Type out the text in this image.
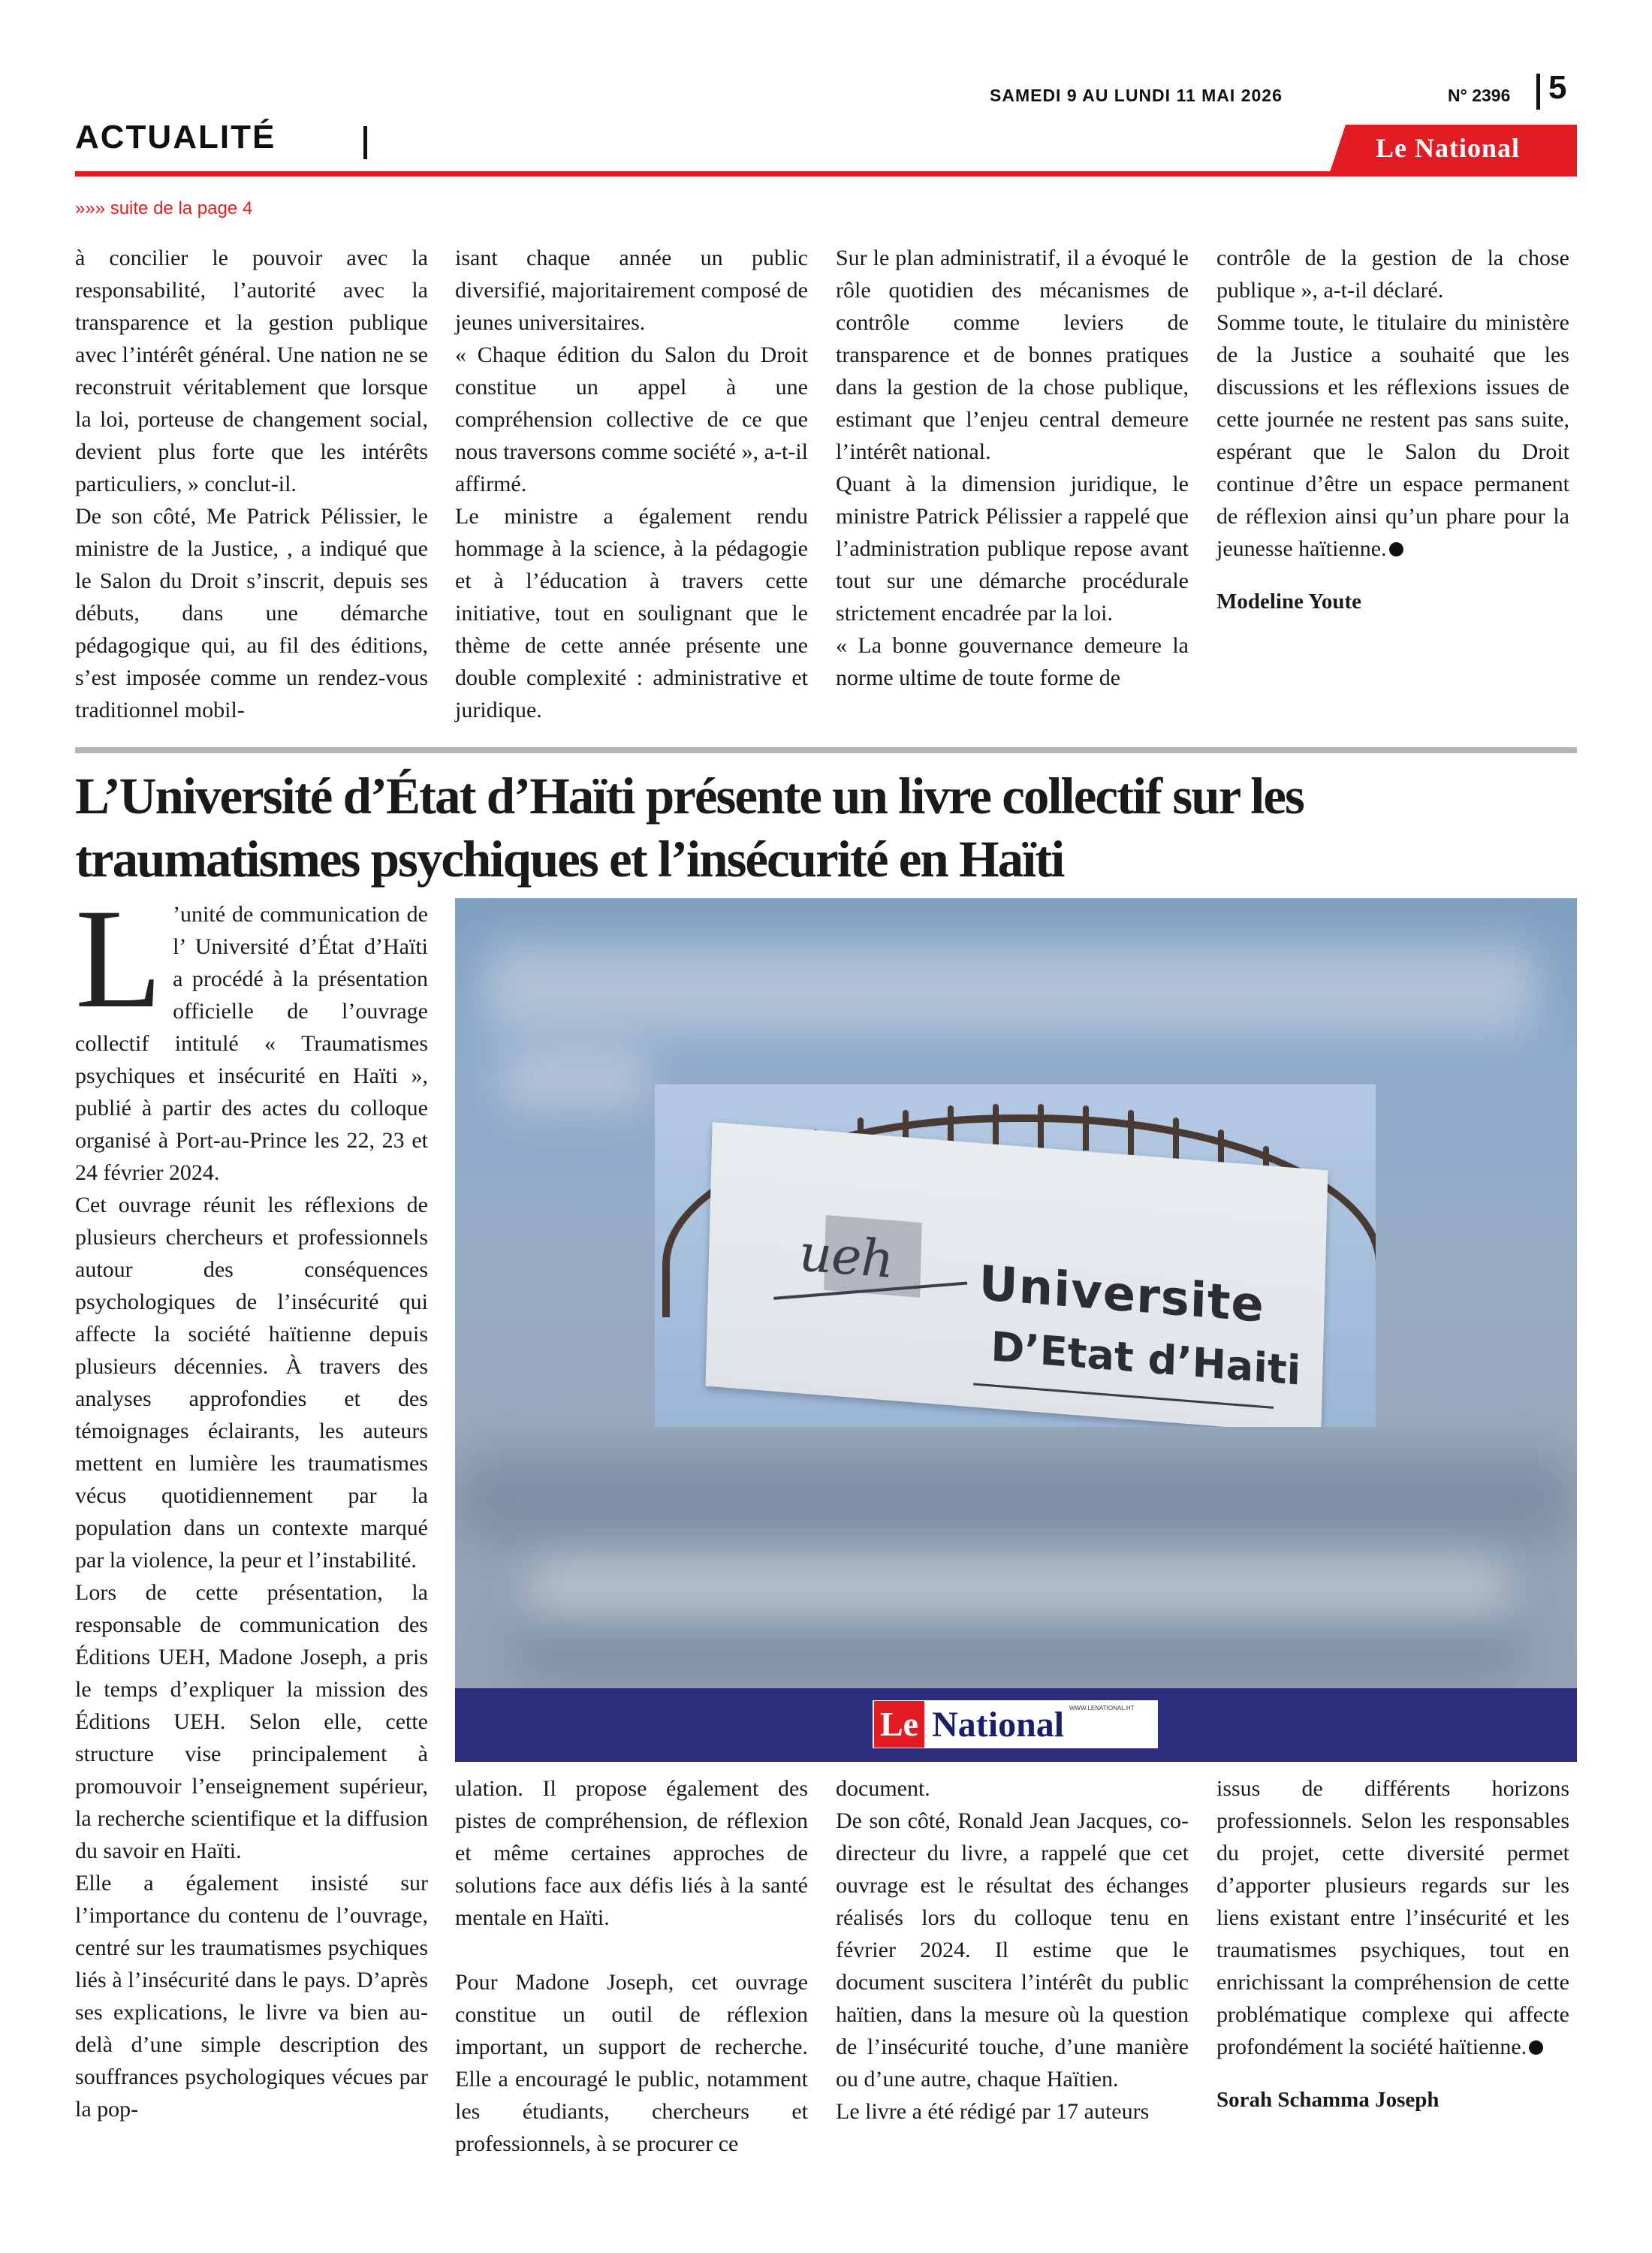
SAMEDI 9 AU LUNDI 11 MAI 2026	N° 2396 5
ACTUALITÉ	Le National
»»» suite de la page 4

à concilier le pouvoir avec la responsabilité, l’autorité avec la transparence et la gestion publique avec l’intérêt général. Une nation ne se reconstruit véritablement que lorsque la loi, porteuse de changement social, devient plus forte que les intérêts particuliers, » conclut-il.

De son côté, Me Patrick Pélissier, le ministre de la Justice, , a indiqué que le Salon du Droit s’inscrit, depuis ses débuts, dans une démarche pédagogique qui, au fil des éditions, s’est imposée comme un rendez-vous traditionnel mobil-

isant chaque année un public diversifié, majoritairement composé de jeunes universitaires.

« Chaque édition du Salon du Droit constitue un appel à une compréhension collective de ce que nous traversons comme société », a-t-il affirmé.

Le ministre a également rendu hommage à la science, à la pédagogie et à l’éducation à travers cette initiative, tout en soulignant que le thème de cette année présente une double complexité : administrative et juridique.

Sur le plan administratif, il a évoqué le rôle quotidien des mécanismes de contrôle comme leviers de transparence et de bonnes pratiques dans la gestion de la chose publique, estimant que l’enjeu central demeure l’intérêt national.

Quant à la dimension juridique, le ministre Patrick Pélissier a rappelé que l’administration publique repose avant tout sur une démarche procédurale strictement encadrée par la loi.

« La bonne gouvernance demeure la norme ultime de toute forme de

contrôle de la gestion de la chose publique », a-t-il déclaré.

Somme toute, le titulaire du ministère de la Justice a souhaité que les discussions et les réflexions issues de cette journée ne restent pas sans suite, espérant que le Salon du Droit continue d’être un espace permanent de réflexion ainsi qu’un phare pour la jeunesse haïtienne.

Modeline Youte

L’Université d’État d’Haïti présente un livre collectif sur les traumatismes psychiques et l’insécurité en Haïti

L ’unité de communication de l’ Université d’État d’Haïti a procédé à la présentation officielle de l’ouvrage collectif intitulé « Traumatismes psychiques et insécurité en Haïti », publié à partir des actes du colloque organisé à Port-au-Prince les 22, 23 et 24 février 2024.

Cet ouvrage réunit les réflexions de plusieurs chercheurs et professionnels autour des conséquences psychologiques de l’insécurité qui affecte la société haïtienne depuis plusieurs décennies. À travers des analyses approfondies et des témoignages éclairants, les auteurs mettent en lumière les traumatismes vécus quotidiennement par la population dans un contexte marqué par la violence, la peur et l’instabilité.

Lors de cette présentation, la responsable de communication des Éditions UEH, Madone Joseph, a pris le temps d’expliquer la mission des Éditions UEH. Selon elle, cette structure vise principalement à promouvoir l’enseignement supérieur, la recherche scientifique et la diffusion du savoir en Haïti.

Elle a également insisté sur l’importance du contenu de l’ouvrage, centré sur les traumatismes psychiques liés à l’insécurité dans le pays. D’après ses explications, le livre va bien au-delà d’une simple description des souffrances psychologiques vécues par la pop-

ueh Universite
D’Etat d’Haiti
Le National WWW.LENATIONAL.HT

ulation. Il propose également des pistes de compréhension, de réflexion et même certaines approches de solutions face aux défis liés à la santé mentale en Haïti.

Pour Madone Joseph, cet ouvrage constitue un outil de réflexion important, un support de recherche. Elle a encouragé le public, notamment les étudiants, chercheurs et professionnels, à se procurer ce

document.

De son côté, Ronald Jean Jacques, co-directeur du livre, a rappelé que cet ouvrage est le résultat des échanges réalisés lors du colloque tenu en février 2024. Il estime que le document suscitera l’intérêt du public haïtien, dans la mesure où la question de l’insécurité touche, d’une manière ou d’une autre, chaque Haïtien.

Le livre a été rédigé par 17 auteurs

issus de différents horizons professionnels. Selon les responsables du projet, cette diversité permet d’apporter plusieurs regards sur les liens existant entre l’insécurité et les traumatismes psychiques, tout en enrichissant la compréhension de cette problématique complexe qui affecte profondément la société haïtienne.

Sorah Schamma Joseph
